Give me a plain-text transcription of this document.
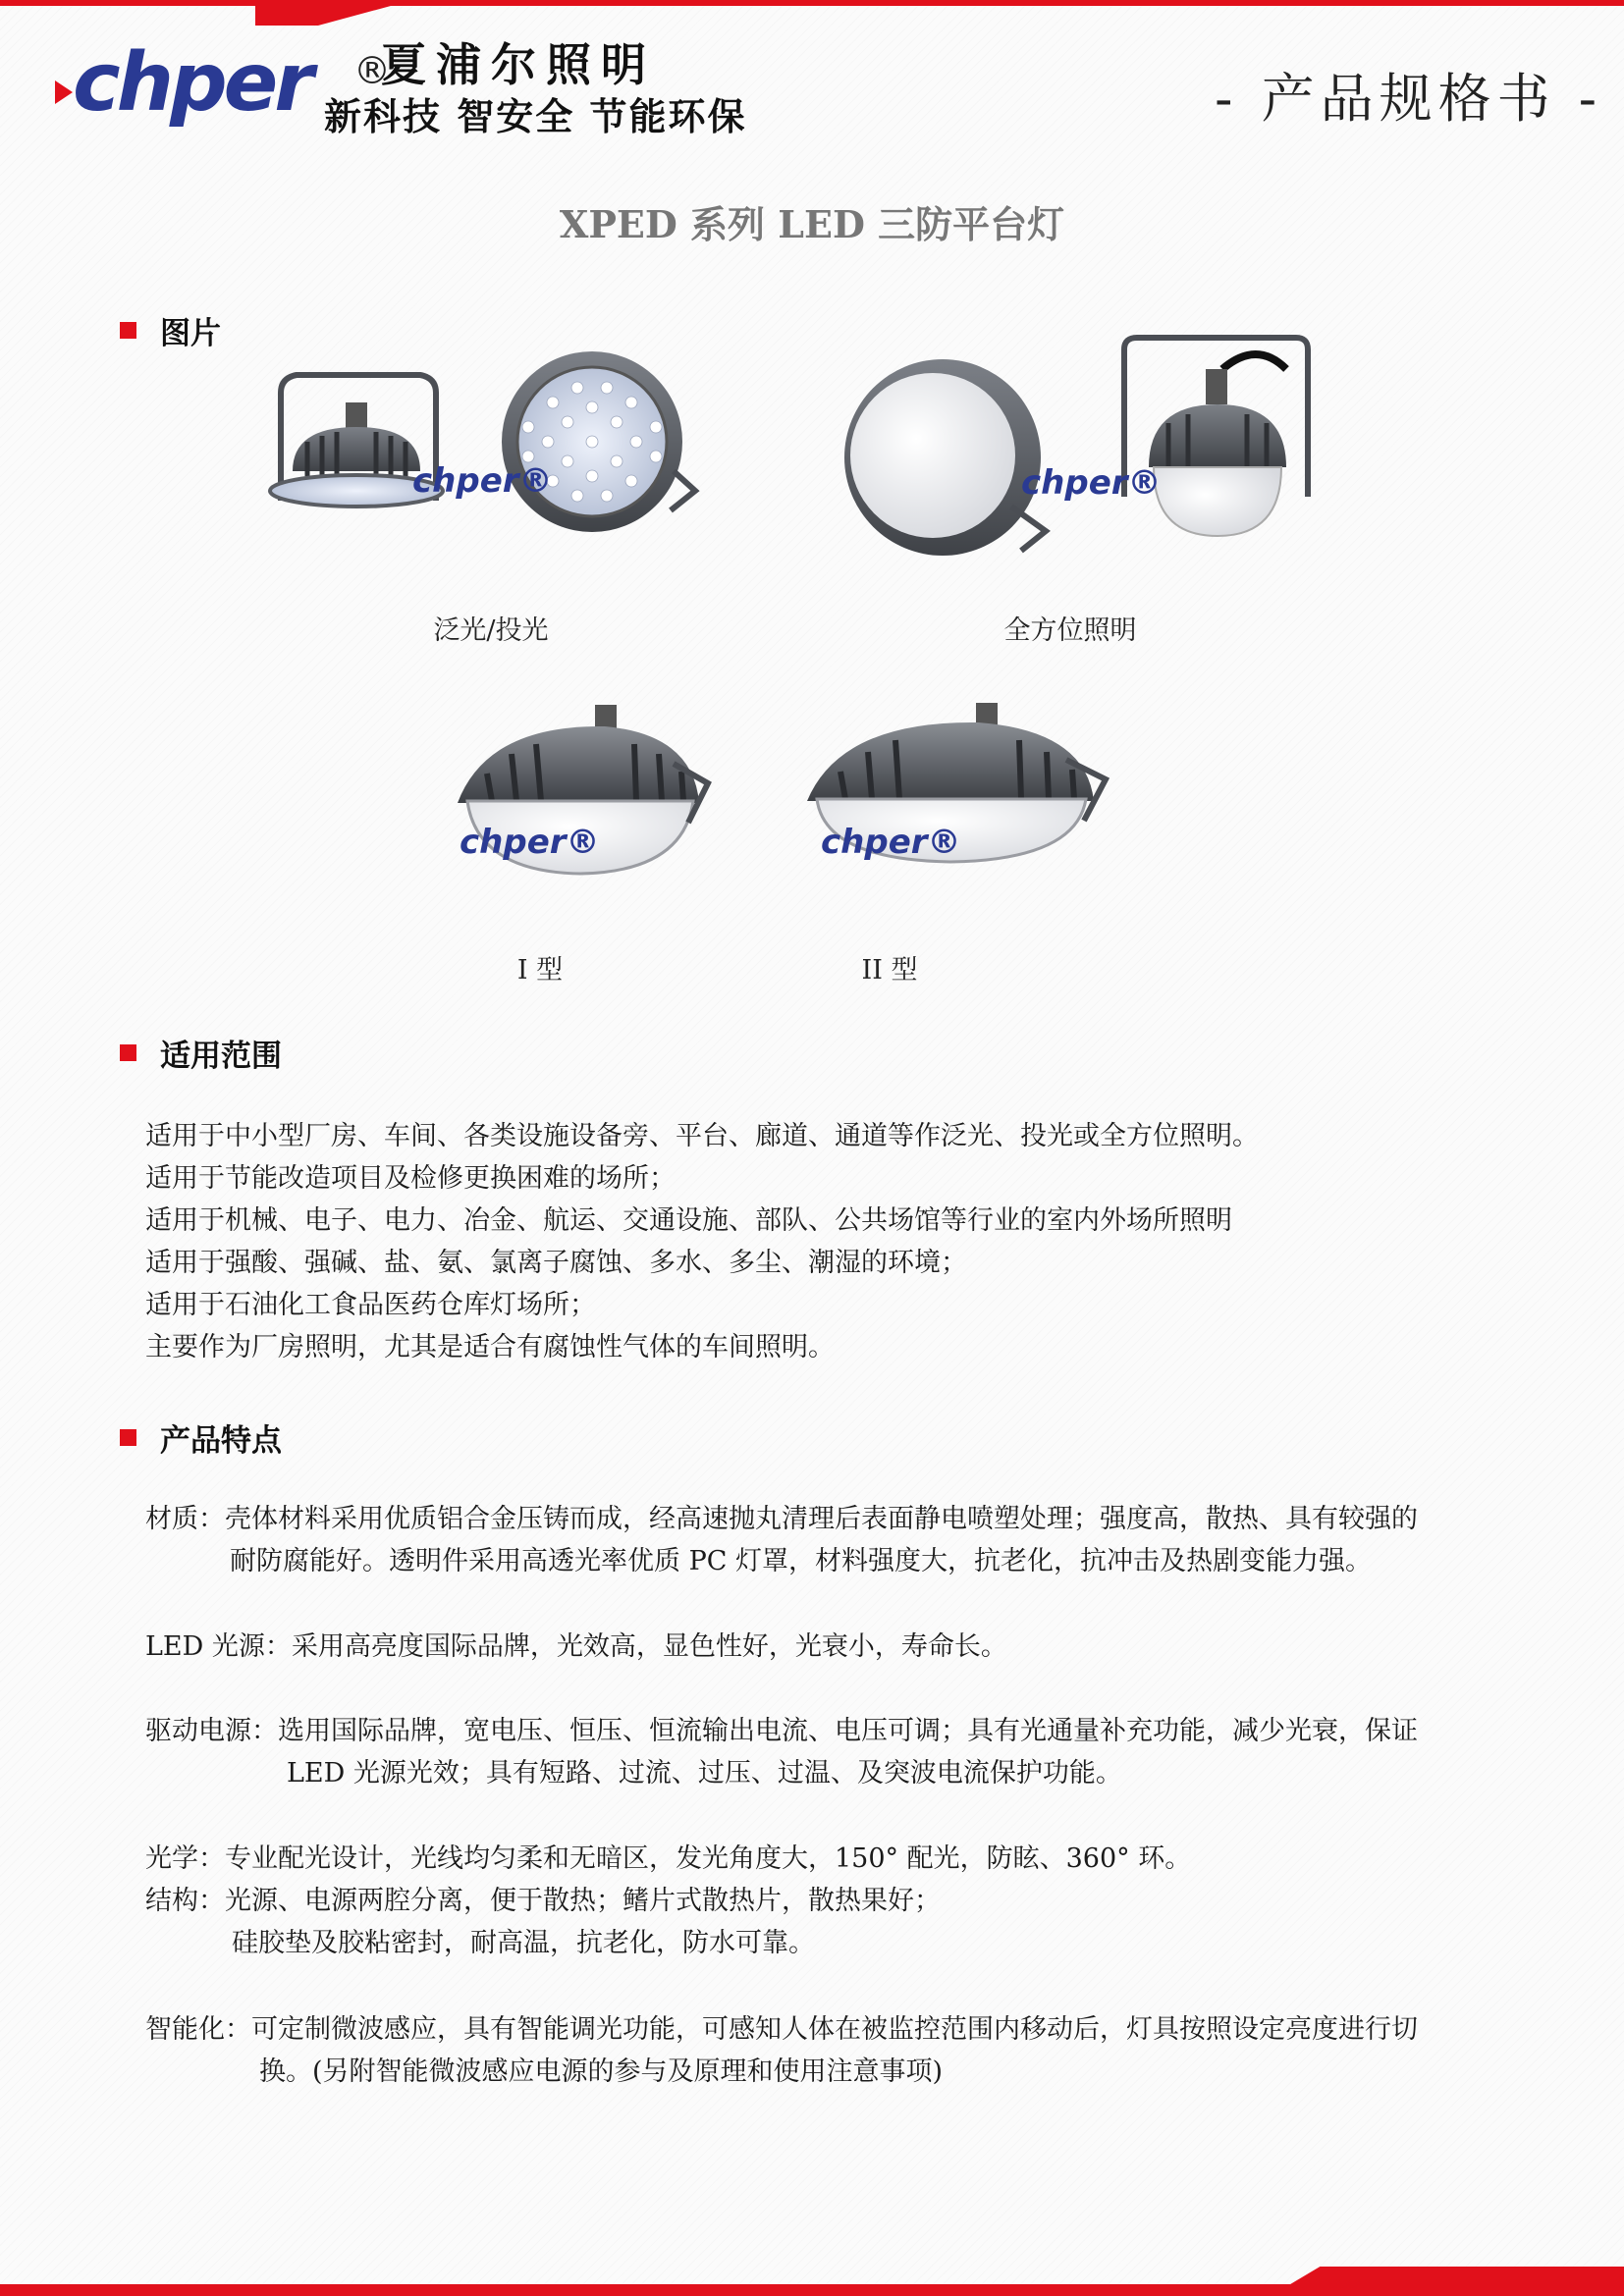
chper ®
夏浦尔照明
新科技 智安全 节能环保	- 产品规格书 -
XPED 系列 LED 三防平台灯
图片
chper®	chper®
泛光/投光	全方位照明
chper®	chper®
I 型	II 型
适用范围
适用于中小型厂房、车间、各类设施设备旁、平台、廊道、通道等作泛光、投光或全方位照明。
适用于节能改造项目及检修更换困难的场所；
适用于机械、电子、电力、冶金、航运、交通设施、部队、公共场馆等行业的室内外场所照明
适用于强酸、强碱、盐、氨、氯离子腐蚀、多水、多尘、潮湿的环境；
适用于石油化工食品医药仓库灯场所；
主要作为厂房照明，尤其是适合有腐蚀性气体的车间照明。
产品特点
材质：壳体材料采用优质铝合金压铸而成，经高速抛丸清理后表面静电喷塑处理；强度高，散热、具有较强的
耐防腐能好。透明件采用高透光率优质 PC 灯罩，材料强度大，抗老化，抗冲击及热剧变能力强。
LED 光源：采用高亮度国际品牌，光效高，显色性好，光衰小，寿命长。
驱动电源：选用国际品牌，宽电压、恒压、恒流输出电流、电压可调；具有光通量补充功能，减少光衰，保证
LED 光源光效；具有短路、过流、过压、过温、及突波电流保护功能。
光学：专业配光设计，光线均匀柔和无暗区，发光角度大，150° 配光，防眩、360° 环。
结构：光源、电源两腔分离，便于散热；鳍片式散热片，散热果好；
硅胶垫及胶粘密封，耐高温，抗老化，防水可靠。
智能化：可定制微波感应，具有智能调光功能，可感知人体在被监控范围内移动后，灯具按照设定亮度进行切
换。(另附智能微波感应电源的参与及原理和使用注意事项)
